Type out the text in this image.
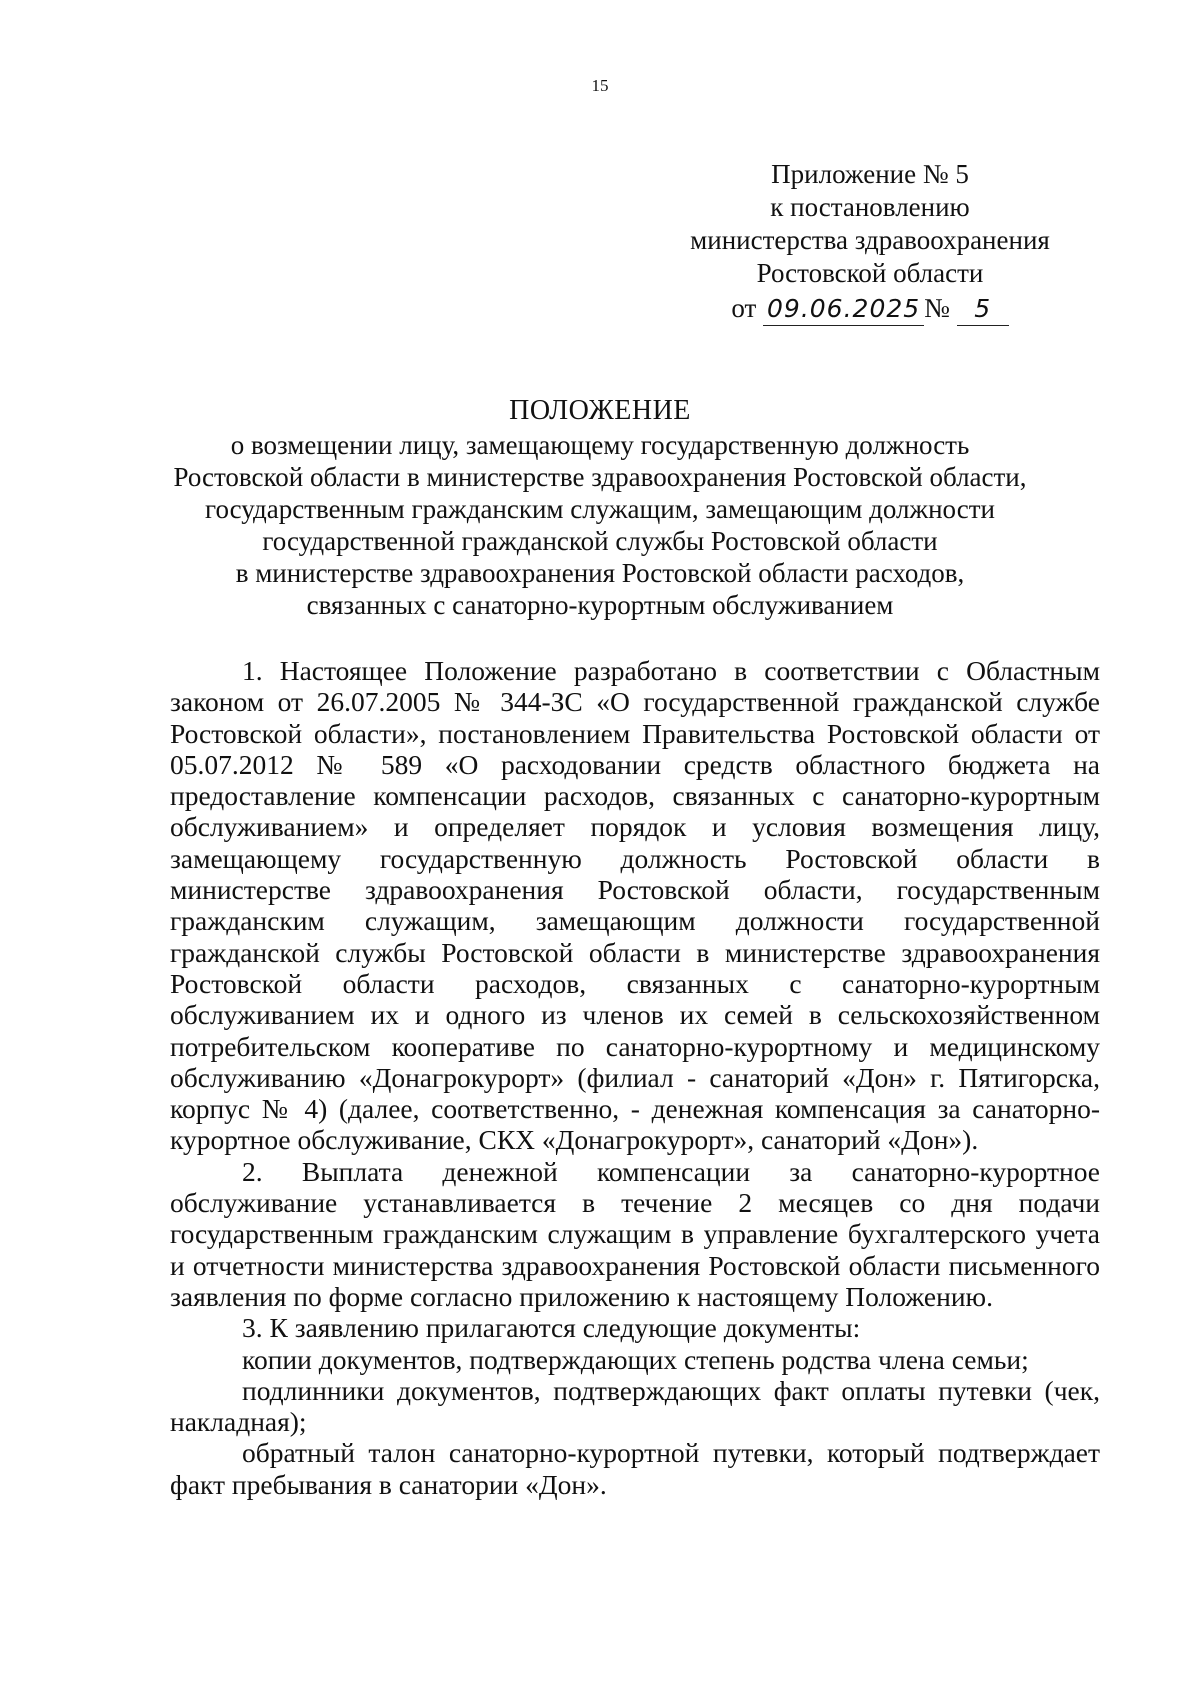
15
Приложение № 5
к постановлению
министерства здравоохранения
Ростовской области
от 09.06.2025 № 5
ПОЛОЖЕНИЕ
о возмещении лицу, замещающему государственную должность
Ростовской области в министерстве здравоохранения Ростовской области,
государственным гражданским служащим, замещающим должности
государственной гражданской службы Ростовской области
в министерстве здравоохранения Ростовской области расходов,
связанных с санаторно-курортным обслуживанием

1. Настоящее Положение разработано в соответствии с Областным законом от 26.07.2005 № 344-ЗС «О государственной гражданской службе Ростовской области», постановлением Правительства Ростовской области от 05.07.2012 № 589 «О расходовании средств областного бюджета на предоставление компенсации расходов, связанных с санаторно-курортным обслуживанием» и определяет порядок и условия возмещения лицу, замещающему государственную должность Ростовской области в министерстве здравоохранения Ростовской области, государственным гражданским служащим, замещающим должности государственной гражданской службы Ростовской области в министерстве здравоохранения Ростовской области расходов, связанных с санаторно-курортным обслуживанием их и одного из членов их семей в сельскохозяйственном потребительском кооперативе по санаторно-курортному и медицинскому обслуживанию «Донагрокурорт» (филиал - санаторий «Дон» г. Пятигорска, корпус № 4) (далее, соответственно, - денежная компенсация за санаторно-курортное обслуживание, СКХ «Донагрокурорт», санаторий «Дон»).

2. Выплата денежной компенсации за санаторно-курортное обслуживание устанавливается в течение 2 месяцев со дня подачи государственным гражданским служащим в управление бухгалтерского учета и отчетности министерства здравоохранения Ростовской области письменного заявления по форме согласно приложению к настоящему Положению.

3. К заявлению прилагаются следующие документы:

копии документов, подтверждающих степень родства члена семьи;

подлинники документов, подтверждающих факт оплаты путевки (чек, накладная);

обратный талон санаторно-курортной путевки, который подтверждает факт пребывания в санатории «Дон».
